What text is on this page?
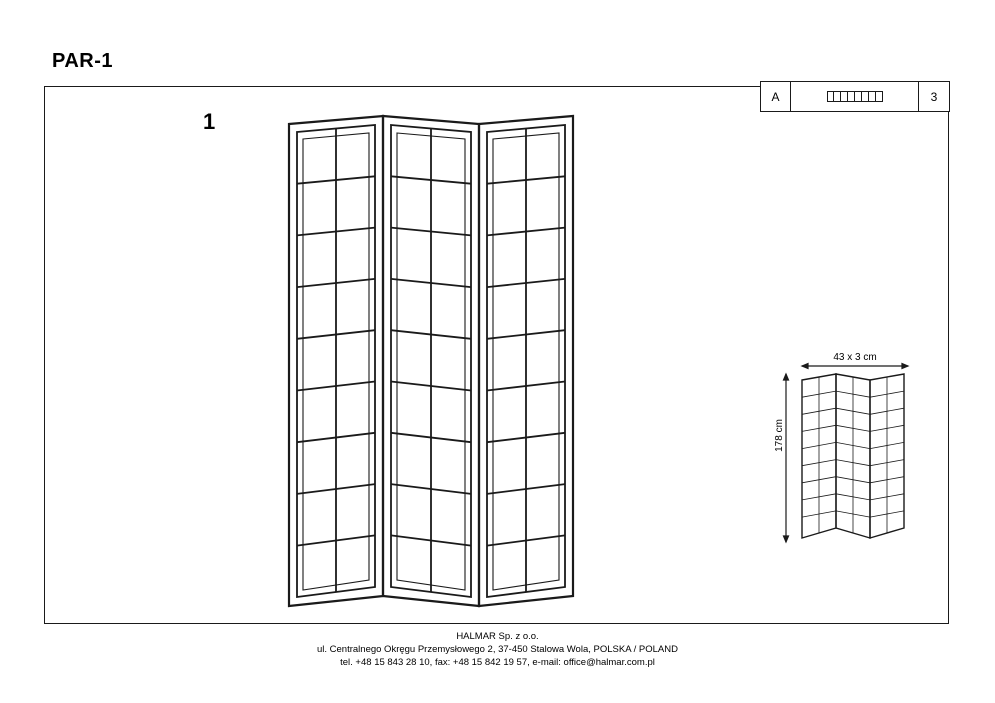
PAR-1
A	3
1
43 x 3 cm
178 cm
HALMAR Sp. z o.o.
ul. Centralnego Okręgu Przemysłowego 2, 37-450 Stalowa Wola, POLSKA / POLAND
tel. +48 15 843 28 10, fax: +48 15 842 19 57, e-mail: office@halmar.com.pl
